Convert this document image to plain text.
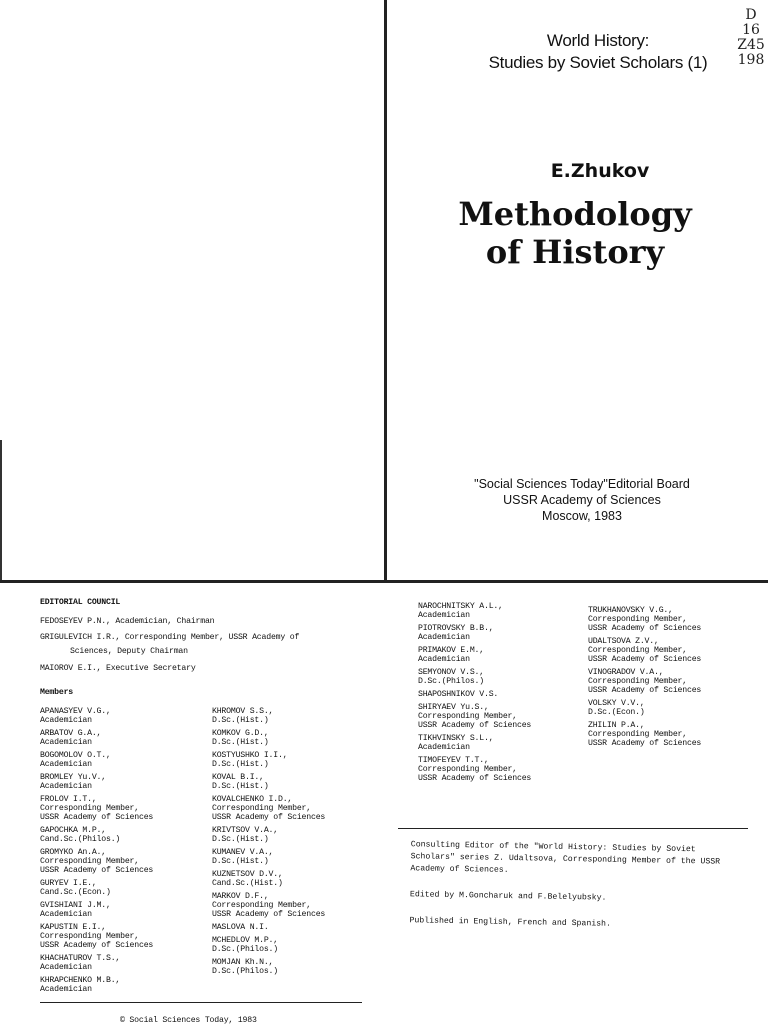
World History:
Studies by Soviet Scholars (1)
D
16
Z45
198
E.Zhukov
Methodology
of History
"Social Sciences Today"Editorial Board
USSR Academy of Sciences
Moscow, 1983
EDITORIAL COUNCIL
FEDOSEYEV P.N., Academician, Chairman
GRIGULEVICH I.R., Corresponding Member, USSR Academy of
Sciences, Deputy Chairman
MAIOROV E.I., Executive Secretary
Members
APANASYEV V.G.,
Academician
ARBATOV G.A.,
Academician
BOGOMOLOV O.T.,
Academician
BROMLEY Yu.V.,
Academician
FROLOV I.T.,
Corresponding Member,
USSR Academy of Sciences
GAPOCHKA M.P.,
Cand.Sc.(Philos.)
GROMYKO An.A.,
Corresponding Member,
USSR Academy of Sciences
GURYEV I.E.,
Cand.Sc.(Econ.)
GVISHIANI J.M.,
Academician
KAPUSTIN E.I.,
Corresponding Member,
USSR Academy of Sciences
KHACHATUROV T.S.,
Academician
KHRAPCHENKO M.B.,
Academician
KHROMOV S.S.,
D.Sc.(Hist.)
KOMKOV G.D.,
D.Sc.(Hist.)
KOSTYUSHKO I.I.,
D.Sc.(Hist.)
KOVAL B.I.,
D.Sc.(Hist.)
KOVALCHENKO I.D.,
Corresponding Member,
USSR Academy of Sciences
KRIVTSOV V.A.,
D.Sc.(Hist.)
KUMANEV V.A.,
D.Sc.(Hist.)
KUZNETSOV D.V.,
Cand.Sc.(Hist.)
MARKOV D.F.,
Corresponding Member,
USSR Academy of Sciences
MASLOVA N.I.
MCHEDLOV M.P.,
D.Sc.(Philos.)
MOMJAN Kh.N.,
D.Sc.(Philos.)
NAROCHNITSKY A.L.,
Academician
PIOTROVSKY B.B.,
Academician
PRIMAKOV E.M.,
Academician
SEMYONOV V.S.,
D.Sc.(Philos.)
SHAPOSHNIKOV V.S.
SHIRYAEV Yu.S.,
Corresponding Member,
USSR Academy of Sciences
TIKHVINSKY S.L.,
Academician
TIMOFEYEV T.T.,
Corresponding Member,
USSR Academy of Sciences
TRUKHANOVSKY V.G.,
Corresponding Member,
USSR Academy of Sciences
UDALTSOVA Z.V.,
Corresponding Member,
USSR Academy of Sciences
VINOGRADOV V.A.,
Corresponding Member,
USSR Academy of Sciences
VOLSKY V.V.,
D.Sc.(Econ.)
ZHILIN P.A.,
Corresponding Member,
USSR Academy of Sciences

Consulting Editor of the "World History: Studies by Soviet Scholars" series Z. Udaltsova, Corresponding Member of the USSR Academy of Sciences.

Edited by M.Goncharuk and F.Belelyubsky.

Published in English, French and Spanish.

© Social Sciences Today, 1983
